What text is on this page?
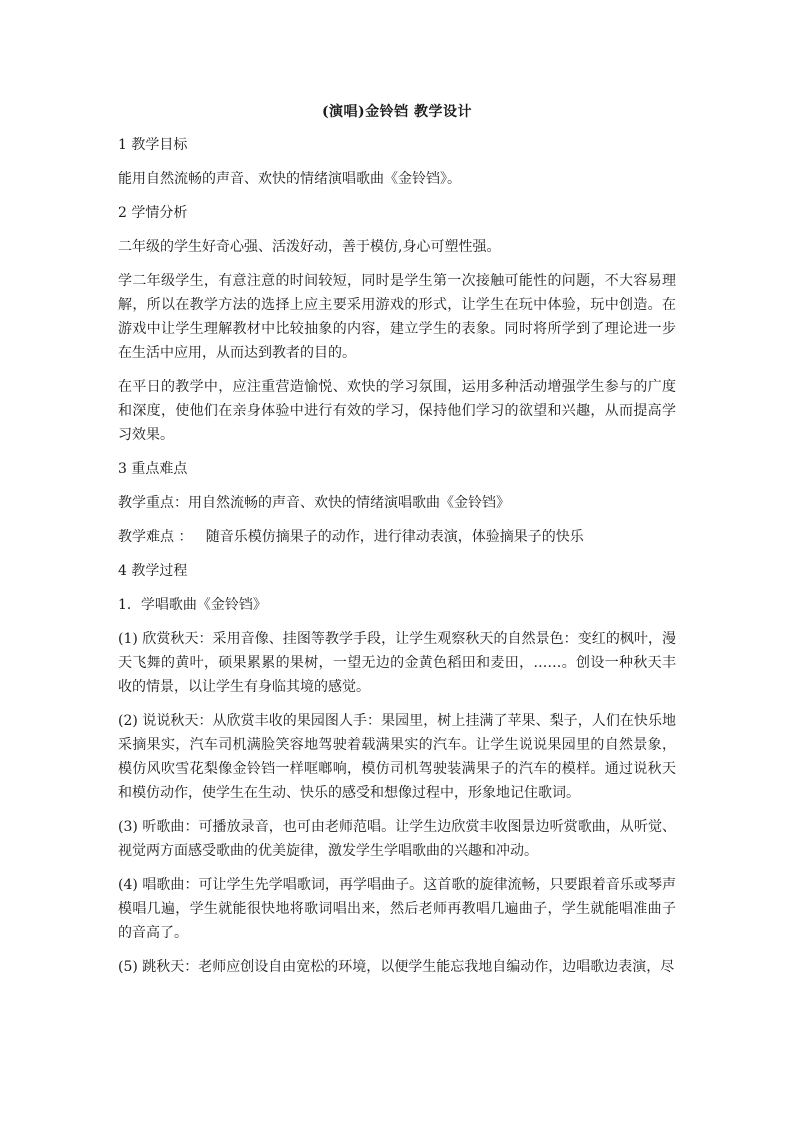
(演唱)金铃铛 教学设计
1 教学目标
能用自然流畅的声音、欢快的情绪演唱歌曲《金铃铛》。
2 学情分析
二年级的学生好奇心强、活泼好动，善于模仿,身心可塑性强。
学二年级学生，有意注意的时间较短，同时是学生第一次接触可能性的问题，不大容易理解，所以在教学方法的选择上应主要采用游戏的形式，让学生在玩中体验，玩中创造。在游戏中让学生理解教材中比较抽象的内容，建立学生的表象。同时将所学到了理论进一步在生活中应用，从而达到教者的目的。
在平日的教学中，应注重营造愉悦、欢快的学习氛围，运用多种活动增强学生参与的广度和深度，使他们在亲身体验中进行有效的学习，保持他们学习的欲望和兴趣，从而提高学习效果。
3 重点难点
教学重点：用自然流畅的声音、欢快的情绪演唱歌曲《金铃铛》
教学难点 ：   随音乐模仿摘果子的动作，进行律动表演，体验摘果子的快乐
4 教学过程
1．学唱歌曲《金铃铛》
(1) 欣赏秋天：采用音像、挂图等教学手段，让学生观察秋天的自然景色：变红的枫叶，漫天飞舞的黄叶，硕果累累的果树，一望无边的金黄色稻田和麦田，……。创设一种秋天丰收的情景，以让学生有身临其境的感觉。
(2) 说说秋天：从欣赏丰收的果园图人手：果园里，树上挂满了苹果、梨子，人们在快乐地采摘果实，汽车司机满脸笑容地驾驶着载满果实的汽车。让学生说说果园里的自然景象，模仿风吹雪花梨像金铃铛一样哐啷响，模仿司机驾驶装满果子的汽车的模样。通过说秋天和模仿动作，使学生在生动、快乐的感受和想像过程中，形象地记住歌词。
(3) 听歌曲：可播放录音，也可由老师范唱。让学生边欣赏丰收图景边听赏歌曲，从听觉、视觉两方面感受歌曲的优美旋律，激发学生学唱歌曲的兴趣和冲动。
(4) 唱歌曲：可让学生先学唱歌词，再学唱曲子。这首歌的旋律流畅，只要跟着音乐或琴声模唱几遍，学生就能很快地将歌词唱出来，然后老师再教唱几遍曲子，学生就能唱准曲子的音高了。
(5) 跳秋天：老师应创设自由宽松的环境，以便学生能忘我地自编动作，边唱歌边表演，尽
